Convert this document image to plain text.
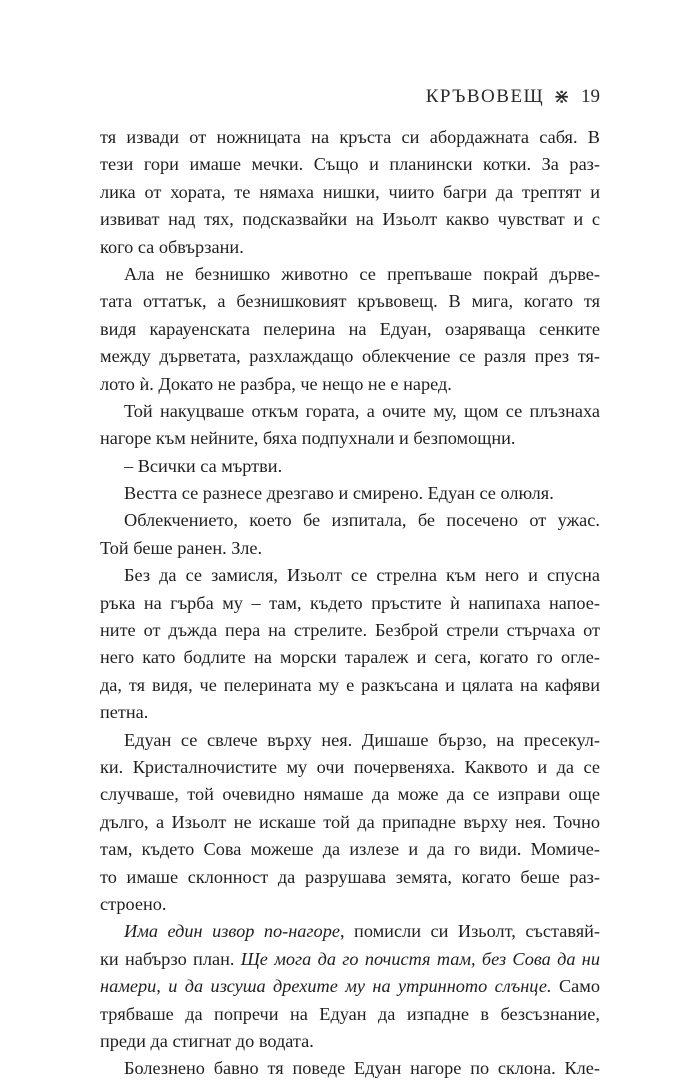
КРЪВОВЕЩ ⋇ 19
тя извади от ножницата на кръста си абордажната сабя. В
тези гори имаше мечки. Също и планински котки. За раз-
лика от хората, те нямаха нишки, чиито багри да трептят и
извиват над тях, подсказвайки на Изьолт какво чувстват и с
кого са обвързани.
Ала не безнишко животно се препъваше покрай дърве-
тата оттатък, а безнишковият кръвовещ. В мига, когато тя
видя карауенската пелерина на Едуан, озаряваща сенките
между дърветата, разхлаждащо облекчение се разля през тя-
лото ѝ. Докато не разбра, че нещо не е наред.
Той накуцваше откъм гората, а очите му, щом се плъзнаха
нагоре към нейните, бяха подпухнали и безпомощни.
– Всички са мъртви.
Вестта се разнесе дрезгаво и смирено. Едуан се олюля.
Облекчението, което бе изпитала, бе посечено от ужас.
Той беше ранен. Зле.
Без да се замисля, Изьолт се стрелна към него и спусна
ръка на гърба му – там, където пръстите ѝ напипаха напое-
ните от дъжда пера на стрелите. Безброй стрели стърчаха от
него като бодлите на морски таралеж и сега, когато го огле-
да, тя видя, че пелерината му е разкъсана и цялата на кафяви
петна.
Едуан се свлече върху нея. Дишаше бързо, на пресекул-
ки. Кристалночистите му очи почервеняха. Каквото и да се
случваше, той очевидно нямаше да може да се изправи още
дълго, а Изьолт не искаше той да припадне върху нея. Точно
там, където Сова можеше да излезе и да го види. Момиче-
то имаше склонност да разрушава земята, когато беше раз-
строено.
Има един извор по-нагоре, помисли си Изьолт, съставяй-
ки набързо план. Ще мога да го почистя там, без Сова да ни
намери, и да изсуша дрехите му на утринното слънце. Само
трябваше да попречи на Едуан да изпадне в безсъзнание,
преди да стигнат до водата.
Болезнено бавно тя поведе Едуан нагоре по склона. Кле-
